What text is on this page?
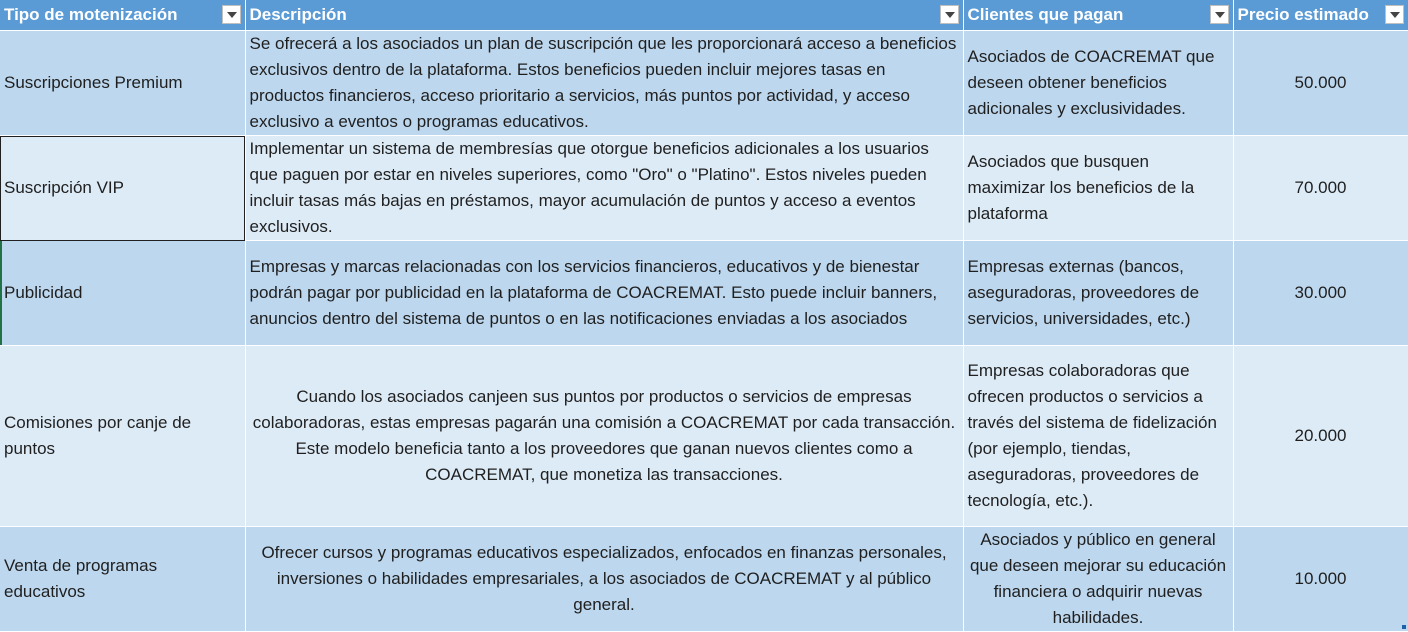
Tipo de motenización	Descripción	Clientes que pagan	Precio estimado

Suscripciones Premium	Se ofrecerá a los asociados un plan de suscripción que les proporcionará acceso a beneficios exclusivos dentro de la plataforma. Estos beneficios pueden incluir mejores tasas en productos financieros, acceso prioritario a servicios, más puntos por actividad, y acceso exclusivo a eventos o programas educativos.	Asociados de COACREMAT que deseen obtener beneficios adicionales y exclusividades.	50.000
Suscripción VIP	Implementar un sistema de membresías que otorgue beneficios adicionales a los usuarios que paguen por estar en niveles superiores, como "Oro" o "Platino". Estos niveles pueden incluir tasas más bajas en préstamos, mayor acumulación de puntos y acceso a eventos exclusivos.	Asociados que busquen maximizar los beneficios de la plataforma	70.000
Publicidad	Empresas y marcas relacionadas con los servicios financieros, educativos y de bienestar podrán pagar por publicidad en la plataforma de COACREMAT. Esto puede incluir banners, anuncios dentro del sistema de puntos o en las notificaciones enviadas a los asociados	Empresas externas (bancos, aseguradoras, proveedores de servicios, universidades, etc.)	30.000
Comisiones por canje de puntos	Cuando los asociados canjeen sus puntos por productos o servicios de empresas colaboradoras, estas empresas pagarán una comisión a COACREMAT por cada transacción. Este modelo beneficia tanto a los proveedores que ganan nuevos clientes como a COACREMAT, que monetiza las transacciones.	Empresas colaboradoras que ofrecen productos o servicios a través del sistema de fidelización (por ejemplo, tiendas, aseguradoras, proveedores de tecnología, etc.).	20.000
Venta de programas educativos	Ofrecer cursos y programas educativos especializados, enfocados en finanzas personales, inversiones o habilidades empresariales, a los asociados de COACREMAT y al público general.	Asociados y público en general que deseen mejorar su educación financiera o adquirir nuevas habilidades.	10.000
